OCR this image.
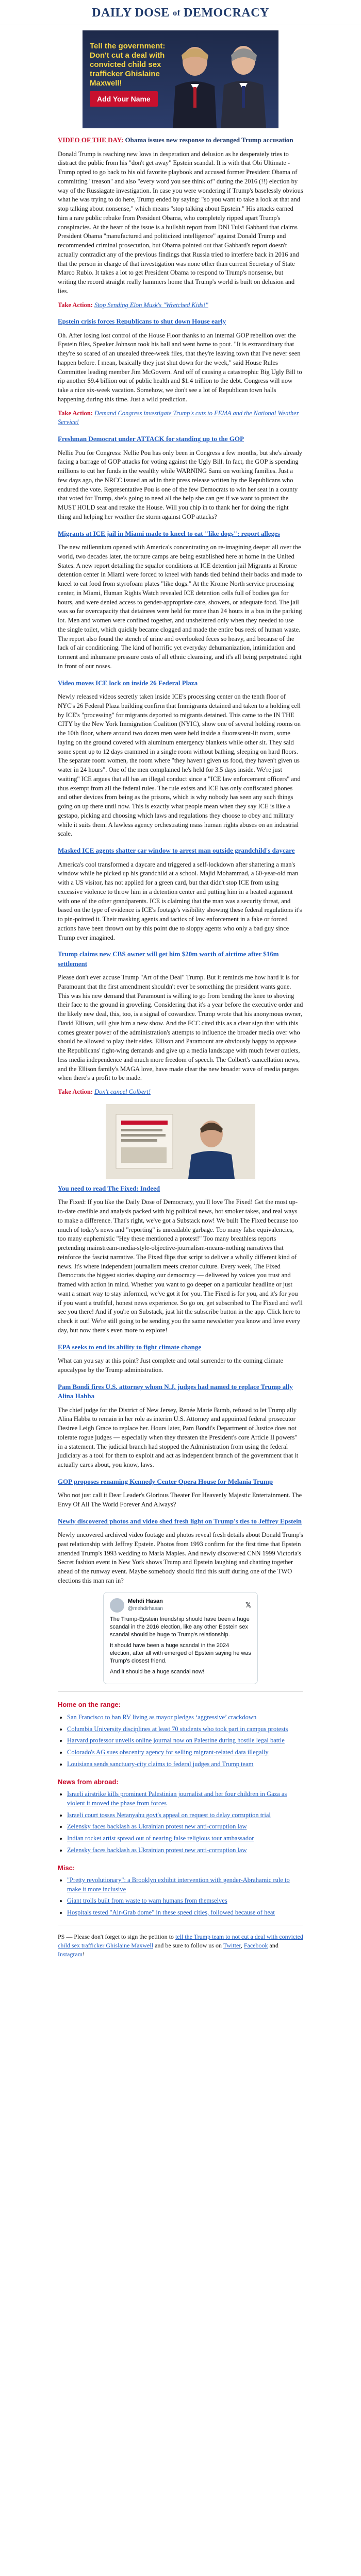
DAILY DOSE of DEMOCRACY
Tell the government: Don't cut a deal with convicted child sex trafficker Ghislaine Maxwell!
Add Your Name

VIDEO OF THE DAY: Obama issues new response to deranged Trump accusation

Donald Trump is reaching new lows in desperation and delusion as he desperately tries to distract the public from his "don't get away" Epstein scandal. It is with that Obi Ultimate -Trump opted to go back to his old favorite playbook and accused former President Obama of committing "treason" and also "every word you see think of" during the 2016 (!!) election by way of the Russiagate investigation. In case you were wondering if Trump's baselessly obvious what he was trying to do here, Trump ended by saying: "so you want to take a look at that and stop talking about nonsense," which means "stop talking about Epstein." His attacks earned him a rare public rebuke from President Obama, who completely ripped apart Trump's conspiracies. At the heart of the issue is a bullshit report from DNI Tulsi Gabbard that claims President Obama "manufactured and politicized intelligence" against Donald Trump and recommended criminal prosecution, but Obama pointed out that Gabbard's report doesn't actually contradict any of the previous findings that Russia tried to interfere back in 2016 and that the person in charge of that investigation was none other than current Secretary of State Marco Rubio. It takes a lot to get President Obama to respond to Trump's nonsense, but writing the record straight really hammers home that Trump's world is built on delusion and lies.

Take Action: Stop Sending Elon Musk's "Wretched Kids!"

Epstein crisis forces Republicans to shut down House early

Oh. After losing lost control of the House Floor thanks to an internal GOP rebellion over the Epstein files, Speaker Johnson took his ball and went home to pout. "It is extraordinary that they're so scared of an unsealed three-week files, that they're leaving town that I've never seen happen before. I mean, basically they just shut down for the week," said House Rules Committee leading member Jim McGovern. And off of causing a catastrophic Big Ugly Bill to rip another $9.4 billion out of public health and $1.4 trillion to the debt. Congress will now take a nice six-week vacation. Somehow, we don't see a lot of Republican town halls happening during this time. Just a wild prediction.

Take Action: Demand Congress investigate Trump's cuts to FEMA and the National Weather Service!

Freshman Democrat under ATTACK for standing up to the GOP

Nellie Pou for Congress: Nellie Pou has only been in Congress a few months, but she's already facing a barrage of GOP attacks for voting against the Ugly Bill. In fact, the GOP is spending millions to cut her funds in the wealthy while WARNING Sami on working families. Just a few days ago, the NRCC issued an ad in their press release written by the Republicans who endured the vote. Representative Pou is one of the few Democrats to win her seat in a county that voted for Trump, she's going to need all the help she can get if we want to protect the MUST HOLD seat and retake the House. Will you chip in to thank her for doing the right thing and helping her weather the storm against GOP attacks?

Migrants at ICE jail in Miami made to kneel to eat "like dogs": report alleges

The new millennium opened with America's concentrating on re-imagining deeper all over the world, two decades later, the torture camps are being established here at home in the United States. A new report detailing the squalor conditions at ICE detention jail Migrants at Krome detention center in Miami were forced to kneel with hands tied behind their backs and made to kneel to eat food from styrofoam plates "like dogs." At the Krome North service processing center, in Miami, Human Rights Watch revealed ICE detention cells full of bodies gas for hours, and were denied access to gender-appropriate care, showers, or adequate food. The jail was so far overcapacity that detainees were held for more than 24 hours in a bus in the parking lot. Men and women were confined together, and unsheltered only when they needed to use the single toilet, which quickly became clogged and made the entire bus reek of human waste. The report also found the stench of urine and overlooked feces so heavy, and because of the lack of air conditioning. The kind of horrific yet everyday dehumanization, intimidation and torment and inhumane pressure costs of all ethnic cleansing, and it's all being perpetrated right in front of our noses.

Video moves ICE lock on inside 26 Federal Plaza

Newly released videos secretly taken inside ICE's processing center on the tenth floor of NYC's 26 Federal Plaza building confirm that Immigrants detained and taken to a holding cell by ICE's "processing" for migrants deported to migrants detained. This came to the IN THE CITY by the New York Immigration Coalition (NYIC), show one of several holding rooms on the 10th floor, where around two dozen men were held inside a fluorescent-lit room, some laying on the ground covered with aluminum emergency blankets while other sit. They said some spent up to 12 days crammed in a single room without bathing, sleeping on hard floors. The separate room women, the room where "they haven't given us food, they haven't given us water in 24 hours". One of the men complained he's held for 3.5 days inside. We're just waiting" ICE argues that all has an illegal conduct since a "ICE law enforcement officers" and thus exempt from all the federal rules. The rule exists and ICE has only confiscated phones and other devices from being as the prisons, which is why nobody has seen any such things going on up there until now. This is exactly what people mean when they say ICE is like a gestapo, picking and choosing which laws and regulations they choose to obey and military while it suits them. A lawless agency orchestrating mass human rights abuses on an industrial scale.

Masked ICE agents shatter car window to arrest man outside grandchild's daycare

America's cool transformed a daycare and triggered a self-lockdown after shattering a man's window while he picked up his grandchild at a school. Majid Mohammad, a 60-year-old man with a US visitor, has not applied for a green card, but that didn't stop ICE from using excessive violence to throw him in a detention center and putting him in a heated argument with one of the other grandparents. ICE is claiming that the man was a security threat, and based on the type of evidence is ICE's footage's visibility showing these federal regulations it's to pin-pointed it. Their masking agents and tactics of law enforcement in a fake or forced actions have been thrown out by this point due to sloppy agents who only a bad guy since Trump ever imagined.

Trump claims new CBS owner will get him $20m worth of airtime after $16m settlement

Please don't ever accuse Trump "Art of the Deal" Trump. But it reminds me how hard it is for Paramount that the first amendment shouldn't ever be something the president wants gone. This was his new demand that Paramount is willing to go from bending the knee to shoving their face to the ground in groveling. Considering that it's a year before the executive order and the likely new deal, this, too, is a signal of cowardice. Trump wrote that his anonymous owner, David Ellison, will give him a new show. And the FCC cited this as a clear sign that with this comes greater power of the administration's attempts to influence the broader media over who should be allowed to play their sides. Ellison and Paramount are obviously happy to appease the Republicans' right-wing demands and give up a media landscape with much fewer outlets, less media independence and much more freedom of speech. The Colbert's cancellation news, and the Ellison family's MAGA love, have made clear the new broader wave of media purges when there's a profit to be made.

Take Action: Don't cancel Colbert!

You need to read The Fixed: Indeed

The Fixed: If you like the Daily Dose of Democracy, you'll love The Fixed! Get the most up-to-date credible and analysis packed with big political news, hot smoker takes, and real ways to make a difference. That's right, we've got a Substack now! We built The Fixed because too much of today's news and "reporting" is unreadable garbage. Too many false equivalencies, too many euphemistic "Hey these mentioned a protest!" Too many breathless reports pretending mainstream-media-style-objective-journalism-means-nothing narratives that reinforce the fascist narrative. The Fixed flips that script to deliver a wholly different kind of news. It's where independent journalism meets creator culture. Every week, The Fixed Democrats the biggest stories shaping our democracy — delivered by voices you trust and framed with action in mind. Whether you want to go deeper on a particular headline or just want a smart way to stay informed, we've got it for you. The Fixed is for you, and it's for you if you want a truthful, honest news experience. So go on, get subscribed to The Fixed and we'll see you there! And if you're on Substack, just hit the subscribe button in the app. Click here to check it out! We're still going to be sending you the same newsletter you know and love every day, but now there's even more to explore!

EPA seeks to end its ability to fight climate change

What can you say at this point? Just complete and total surrender to the coming climate apocalypse by the Trump administration.

Pam Bondi fires U.S. attorney whom N.J. judges had named to replace Trump ally Alina Habba

The chief judge for the District of New Jersey, Renée Marie Bumb, refused to let Trump ally Alina Habba to remain in her role as interim U.S. Attorney and appointed federal prosecutor Desiree Leigh Grace to replace her. Hours later, Pam Bondi's Department of Justice does not tolerate rogue judges — especially when they threaten the President's core Article II powers" in a statement. The judicial branch had stopped the Administration from using the federal judiciary as a tool for them to exploit and act as independent branch of the government that it actually cares about, you know, laws.

GOP proposes renaming Kennedy Center Opera House for Melania Trump

Who not just call it Dear Leader's Glorious Theater For Heavenly Majestic Entertainment. The Envy Of All The World Forever And Always?

Newly discovered photos and video shed fresh light on Trump's ties to Jeffrey Epstein

Newly uncovered archived video footage and photos reveal fresh details about Donald Trump's past relationship with Jeffrey Epstein. Photos from 1993 confirm for the first time that Epstein attended Trump's 1993 wedding to Marla Maples. And newly discovered CNN 1999 Victoria's Secret fashion event in New York shows Trump and Epstein laughing and chatting together ahead of the runway event. Maybe somebody should find this stuff during one of the TWO elections this man ran in?

Mehdi Hasan
@mehdirhasan
𝕏

The Trump-Epstein friendship should have been a huge scandal in the 2016 election, like any other Epstein sex scandal should be huge to Trump's relationship.

It should have been a huge scandal in the 2024 election, after all with emerged of Epstein saying he was Trump's closest friend.

And it should be a huge scandal now!

Home on the range:
• San Francisco to ban RV living as mayor pledges ‘aggressive’ crackdown
• Columbia University disciplines at least 70 students who took part in campus protests
• Harvard professor unveils online journal now on Palestine during hostile legal battle
• Colorado's AG sues obscenity agency for selling migrant-related data illegally
• Louisiana sends sanctuary-city claims to federal judges and Trump team
News from abroad:
• Israeli airstrike kills prominent Palestinian journalist and her four children in Gaza as violent it moved the phase from forces
• Israeli court tosses Netanyahu govt's appeal on request to delay corruption trial
• Zelensky faces backlash as Ukrainian protest new anti-corruption law
• Indian rocket artist spread out of nearing false religious tour ambassador
• Zelensky faces backlash as Ukrainian protest new anti-corruption law
Misc:
• "Pretty revolutionary": a Brooklyn exhibit intervention with gender-Abrahamic rule to make it more inclusive
• Giant trolls built from waste to warn humans from themselves
• Hospitals tested "Air-Grab dome" in these speed cities, followed because of heat

PS — Please don't forget to sign the petition to tell the Trump team to not cut a deal with convicted child sex trafficker Ghislaine Maxwell and be sure to follow us on Twitter, Facebook and Instagram!
